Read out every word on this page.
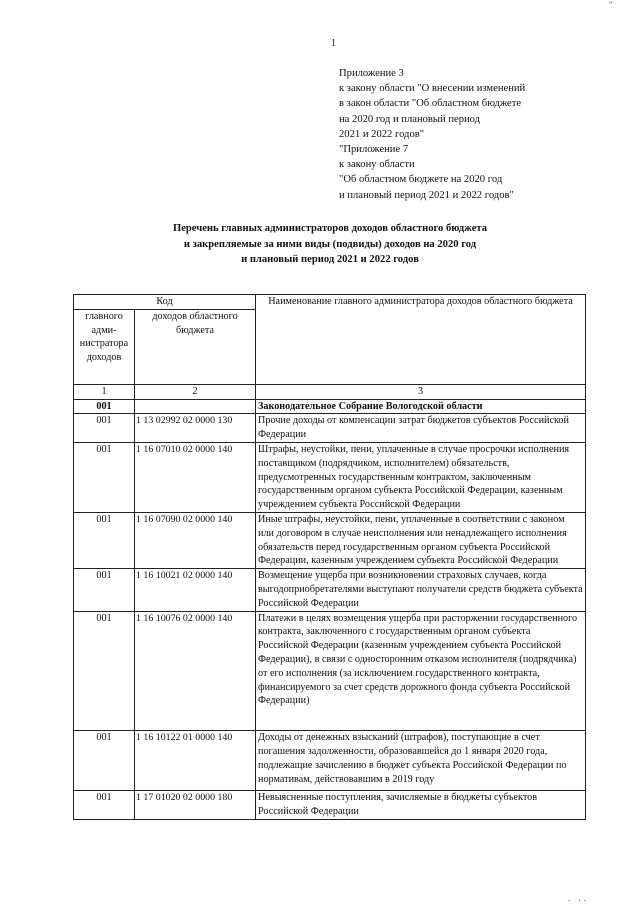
"
1
Приложение 3
к закону области "О внесении изменений
в закон области "Об областном бюджете
на 2020 год и плановый период
2021 и 2022 годов"
"Приложение 7
к закону области
"Об областном бюджете на 2020 год
и плановый период 2021 и 2022 годов"
Перечень главных администраторов доходов областного бюджета
и закрепляемые за ними виды (подвиды) доходов на 2020 год
и плановый период 2021 и 2022 годов
Код		Наименование главного администратора доходов областного бюджета
главного адми-нистратора доходов	доходов областного бюджета	
1	2	3
001		Законодательное Собрание Вологодской области
001	1 13 02992 02 0000 130	Прочие доходы от компенсации затрат бюджетов субъектов Российской Федерации
001	1 16 07010 02 0000 140	Штрафы, неустойки, пени, уплаченные в случае просрочки исполнения поставщиком (подрядчиком, исполнителем) обязательств, предусмотренных государственным контрактом, заключенным государственным органом субъекта Российской Федерации, казенным учреждением субъекта Российской Федерации
001	1 16 07090 02 0000 140	Иные штрафы, неустойки, пени, уплаченные в соответствии с законом или договором в случае неисполнения или ненадлежащего исполнения обязательств перед государственным органом субъекта Российской Федерации, казенным учреждением субъекта Российской Федерации
001	1 16 10021 02 0000 140	Возмещение ущерба при возникновении страховых случаев, когда выгодоприобретателями выступают получатели средств бюджета субъекта Российской Федерации
001	1 16 10076 02 0000 140	Платежи в целях возмещения ущерба при расторжении государственного контракта, заключенного с государственным органом субъекта Российской Федерации (казенным учреждением субъекта Российской Федерации), в связи с односторонним отказом исполнителя (подрядчика) от его исполнения (за исключением государственного контракта, финансируемого за счет средств дорожного фонда субъекта Российской Федерации)
001	1 16 10122 01 0000 140	Доходы от денежных взысканий (штрафов), поступающие в счет погашения задолженности, образовавшейся до 1 января 2020 года, подлежащие зачислению в бюджет субъекта Российской Федерации по нормативам, действовавшим в 2019 году
001	1 17 01020 02 0000 180	Невыясненные поступления, зачисляемые в бюджеты субъектов Российской Федерации
. ..
